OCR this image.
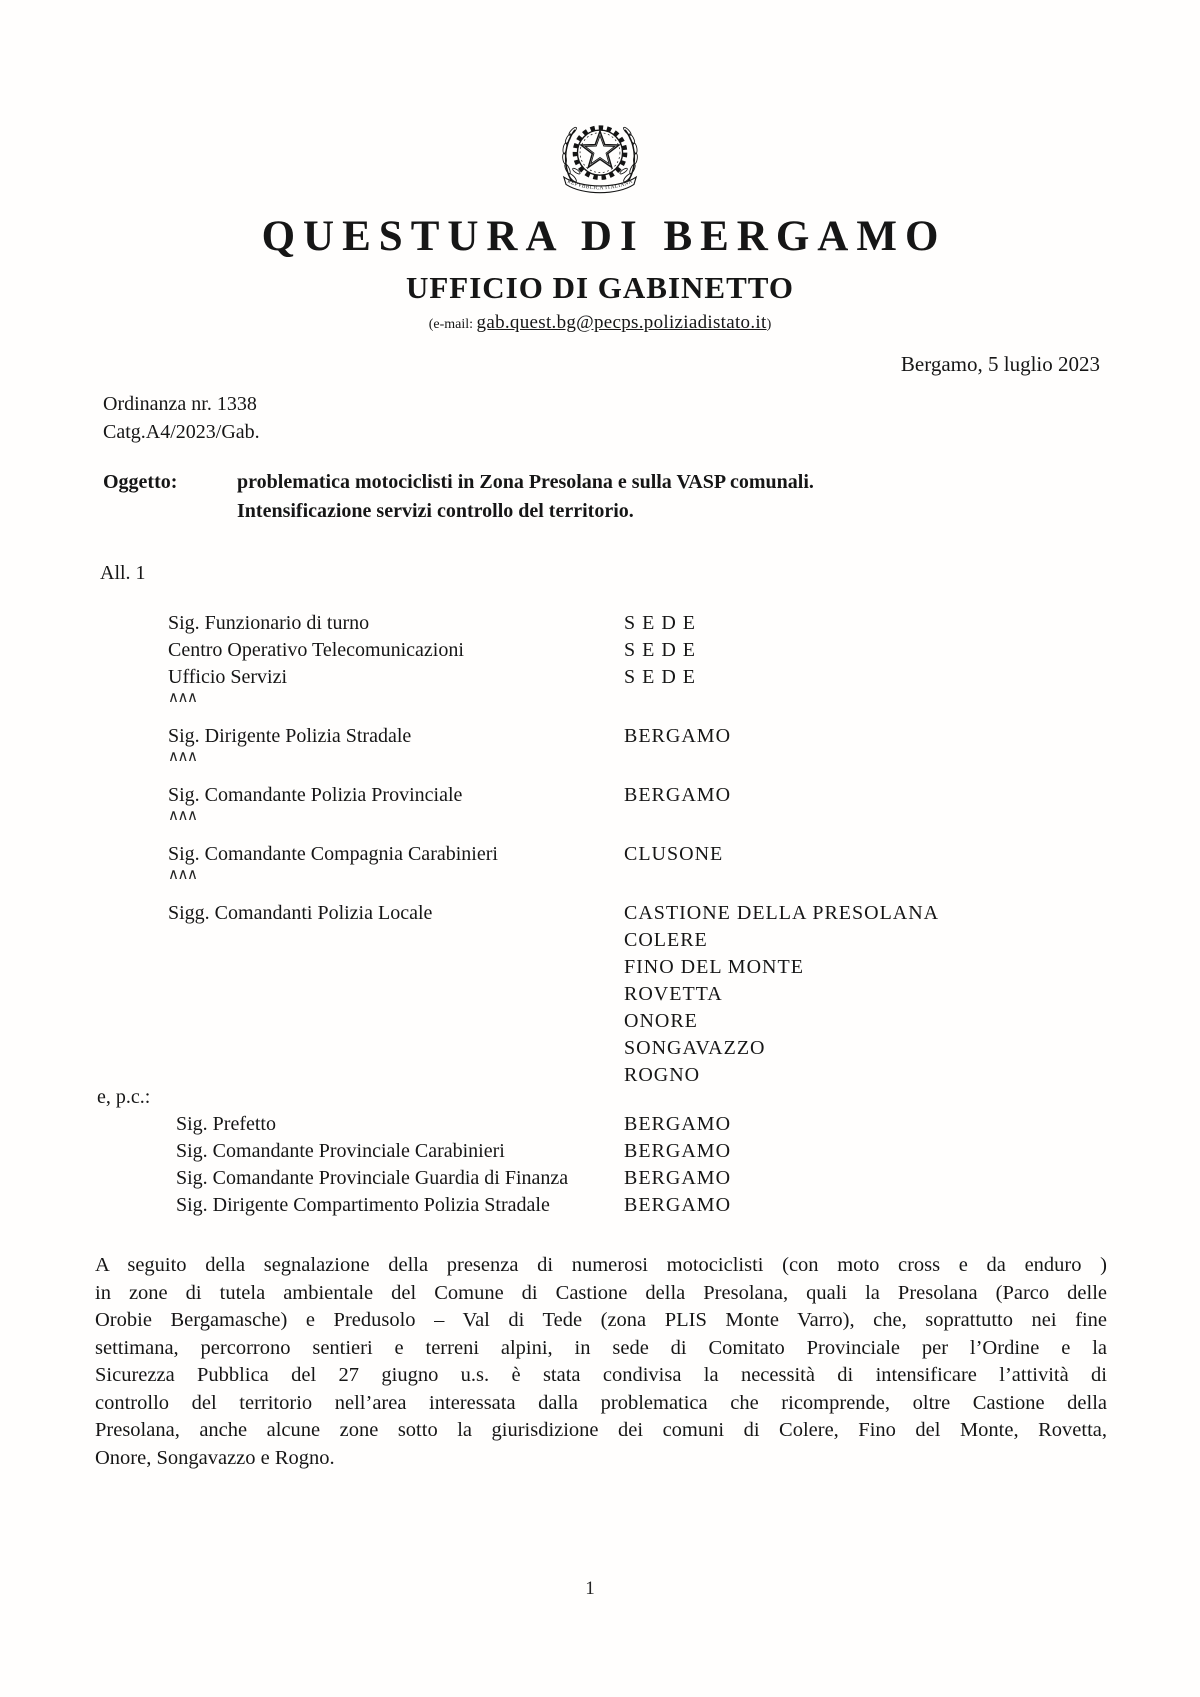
REPVBBLICA ITALIANA
QUESTURA DI BERGAMO
UFFICIO DI GABINETTO
(e-mail: gab.quest.bg@pecps.poliziadistato.it)
Bergamo, 5 luglio 2023
Ordinanza nr. 1338
Catg.A4/2023/Gab.
Oggetto:	problematica motociclisti in Zona Presolana e sulla VASP comunali.
Intensificazione servizi controllo del territorio.
All. 1
Sig. Funzionario di turno	S E D E
Centro Operativo Telecomunicazioni	S E D E
Ufficio Servizi	S E D E
∧∧∧
Sig. Dirigente Polizia Stradale	BERGAMO
∧∧∧
Sig. Comandante Polizia Provinciale	BERGAMO
∧∧∧
Sig. Comandante Compagnia Carabinieri	CLUSONE
∧∧∧
Sigg. Comandanti Polizia Locale	CASTIONE DELLA PRESOLANA
COLERE
FINO DEL MONTE
ROVETTA
ONORE
SONGAVAZZO
ROGNO
e, p.c.:
Sig. Prefetto	BERGAMO
Sig. Comandante Provinciale Carabinieri	BERGAMO
Sig. Comandante Provinciale Guardia di Finanza	BERGAMO
Sig. Dirigente Compartimento Polizia Stradale	BERGAMO
A seguito della segnalazione della presenza di numerosi motociclisti (con moto cross e da enduro )
in zone di tutela ambientale del Comune di Castione della Presolana, quali la Presolana (Parco delle
Orobie Bergamasche) e Predusolo – Val di Tede (zona PLIS Monte Varro), che, soprattutto nei fine
settimana, percorrono sentieri e terreni alpini, in sede di Comitato Provinciale per l’Ordine e la
Sicurezza Pubblica del 27 giugno u.s. è stata condivisa la necessità di intensificare l’attività di
controllo del territorio nell’area interessata dalla problematica che ricomprende, oltre Castione della
Presolana, anche alcune zone sotto la giurisdizione dei comuni di Colere, Fino del Monte, Rovetta,
Onore, Songavazzo e Rogno.
1
